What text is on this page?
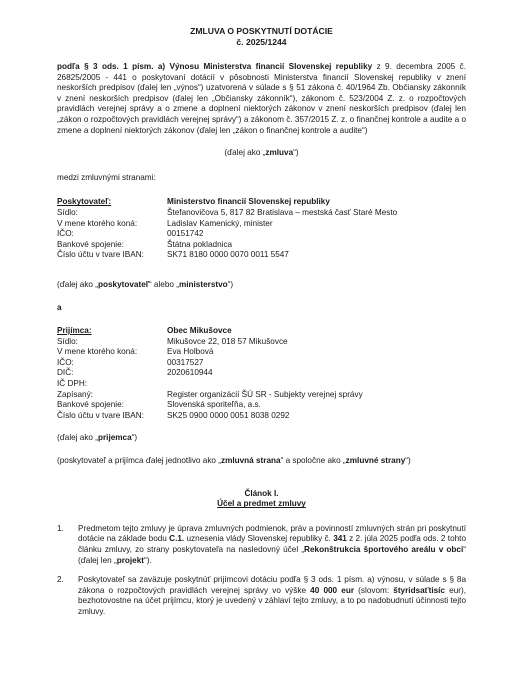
ZMLUVA O POSKYTNUTÍ DOTÁCIE
č. 2025/1244
podľa § 3 ods. 1 písm. a) Výnosu Ministerstva financií Slovenskej republiky z 9. decembra 2005 č. 26825/2005 - 441 o poskytovaní dotácií v pôsobnosti Ministerstva financií Slovenskej republiky v znení neskorších predpisov (ďalej len „výnos“) uzatvorená v súlade s § 51 zákona č. 40/1964 Zb. Občiansky zákonník v znení neskorších predpisov (ďalej len „Občiansky zákonník“), zákonom č. 523/2004 Z. z. o rozpočtových pravidlách verejnej správy a o zmene a doplnení niektorých zákonov v znení neskorších predpisov (ďalej len „zákon o rozpočtových pravidlách verejnej správy“) a zákonom č. 357/2015 Z. z. o finančnej kontrole a audite a o zmene a doplnení niektorých zákonov (ďalej len „zákon o finančnej kontrole a audite“)
(ďalej ako „zmluva“)
medzi zmluvnými stranami:
Poskytovateľ:	Ministerstvo financií Slovenskej republiky
Sídlo:	Štefanovičova 5, 817 82 Bratislava – mestská časť Staré Mesto
V mene ktorého koná:	Ladislav Kamenický, minister
IČO:	00151742
Bankové spojenie:	Štátna pokladnica
Číslo účtu v tvare IBAN:	SK71 8180 0000 0070 0011 5547
(ďalej ako „poskytovateľ“ alebo „ministerstvo“)
a
Prijímca:	Obec Mikušovce
Sídlo:	Mikušovce 22, 018 57 Mikušovce
V mene ktorého koná:	Eva Holbová
IČO:	00317527
DIČ:	2020610944
IČ DPH:
Zapísaný:	Register organizácií ŠÚ SR - Subjekty verejnej správy
Bankové spojenie:	Slovenská sporiteľňa, a.s.
Číslo účtu v tvare IBAN:	SK25 0900 0000 0051 8038 0292
(ďalej ako „prijemca“)
(poskytovateľ a prijímca ďalej jednotlivo ako „zmluvná strana“ a spoločne ako „zmluvné strany“)
Článok I.
Účel a predmet zmluvy
1.	Predmetom tejto zmluvy je úprava zmluvných podmienok, práv a povinností zmluvných strán pri poskytnutí dotácie na základe bodu C.1. uznesenia vlády Slovenskej republiky č. 341 z 2. júla 2025 podľa ods. 2 tohto článku zmluvy, zo strany poskytovateľa na nasledovný účel „Rekonštrukcia športového areálu v obci“ (ďalej len „projekt“).
2.	Poskytovateľ sa zaväzuje poskytnúť prijímcovi dotáciu podľa § 3 ods. 1 písm. a) výnosu, v súlade s § 8a zákona o rozpočtových pravidlách verejnej správy vo výške 40 000 eur (slovom: štyridsaťtisíc eur), bezhotovostne na účet prijímcu, ktorý je uvedený v záhlaví tejto zmluvy, a to po nadobudnutí účinnosti tejto zmluvy.
